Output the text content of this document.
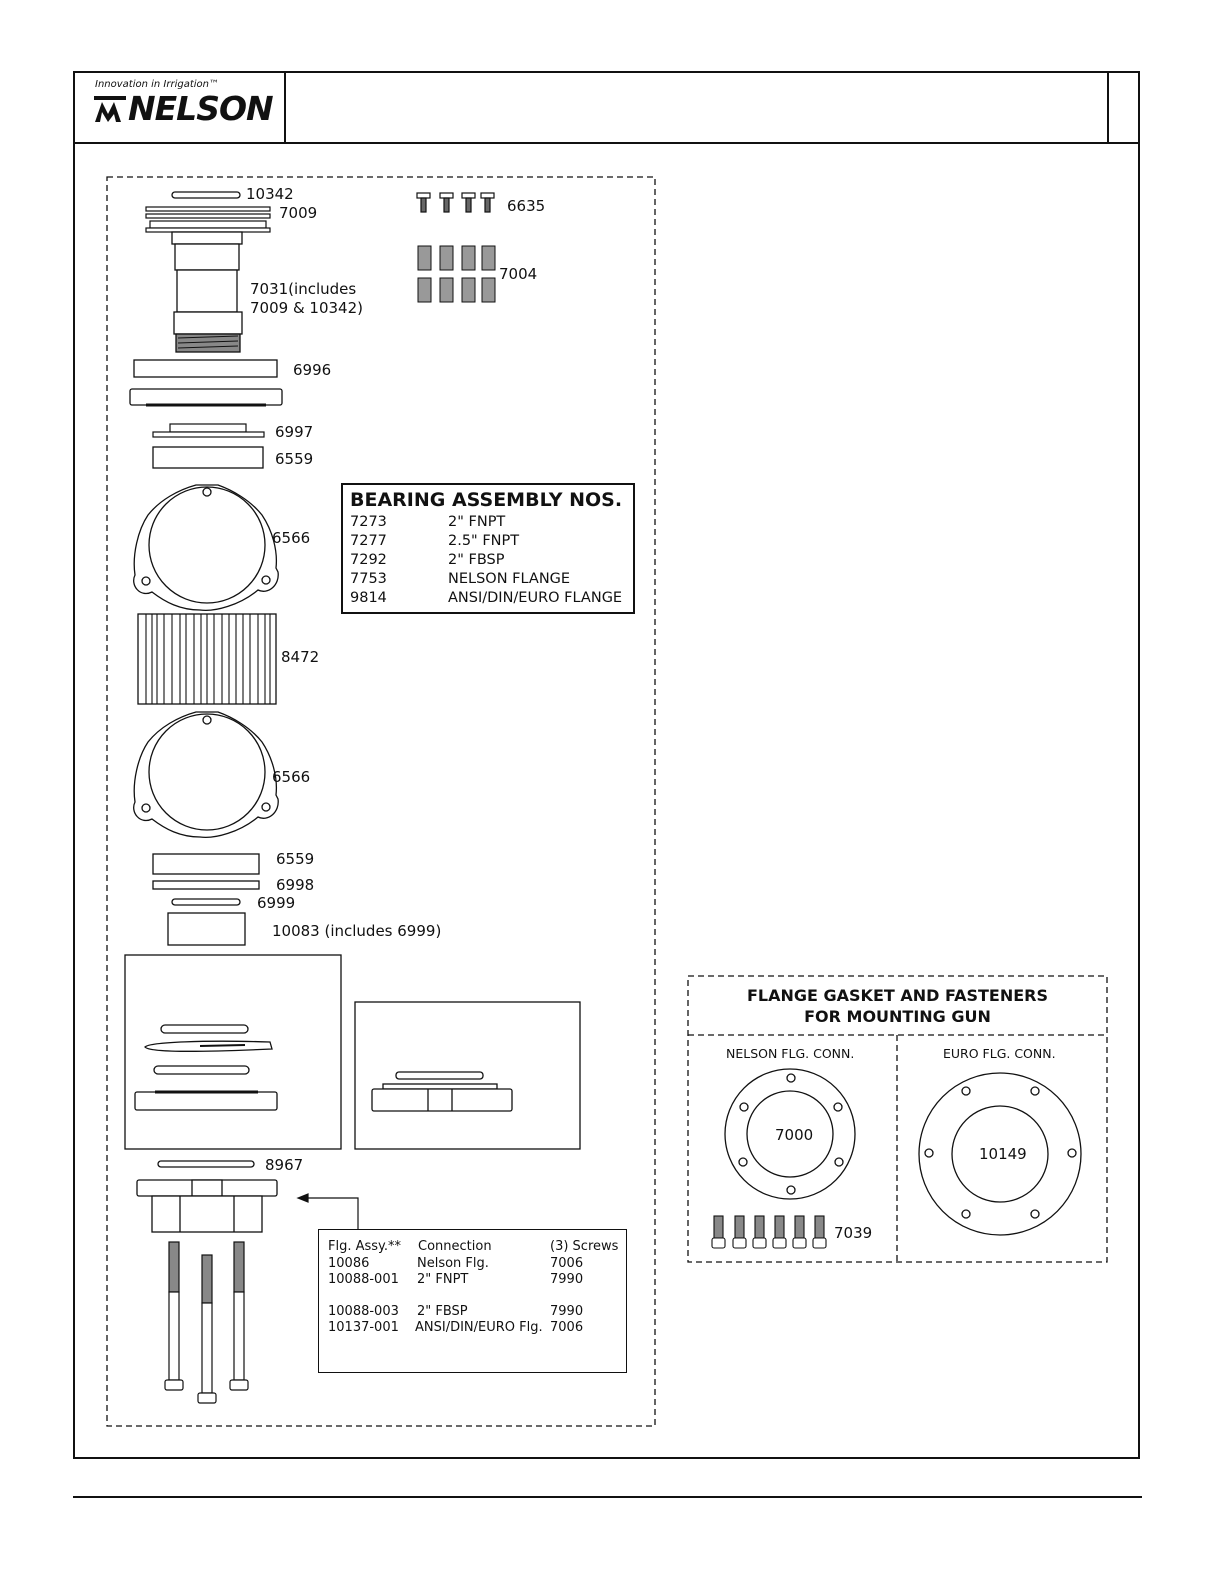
Innovation in Irrigation™
NELSON
10342
7009
7031(includes
7009 & 10342)
6635
7004
6996
6997
6559
6566
8472
6566
6559
6998
6999
10083 (includes 6999)
8967
BEARING ASSEMBLY NOS.
7273	2" FNPT
7277	2.5" FNPT
7292	2" FBSP
7753	NELSON FLANGE
9814	ANSI/DIN/EURO FLANGE
Flg. Assy.** Connection	(3) Screws
10086	Nelson Flg.	7006
10088-001 2" FNPT	7990
10088-003 2" FBSP	7990
10137-001 ANSI/DIN/EURO Flg. 7006
FLANGE GASKET AND FASTENERS
FOR MOUNTING GUN
NELSON FLG. CONN.	EURO FLG. CONN.
7000
10149
7039
